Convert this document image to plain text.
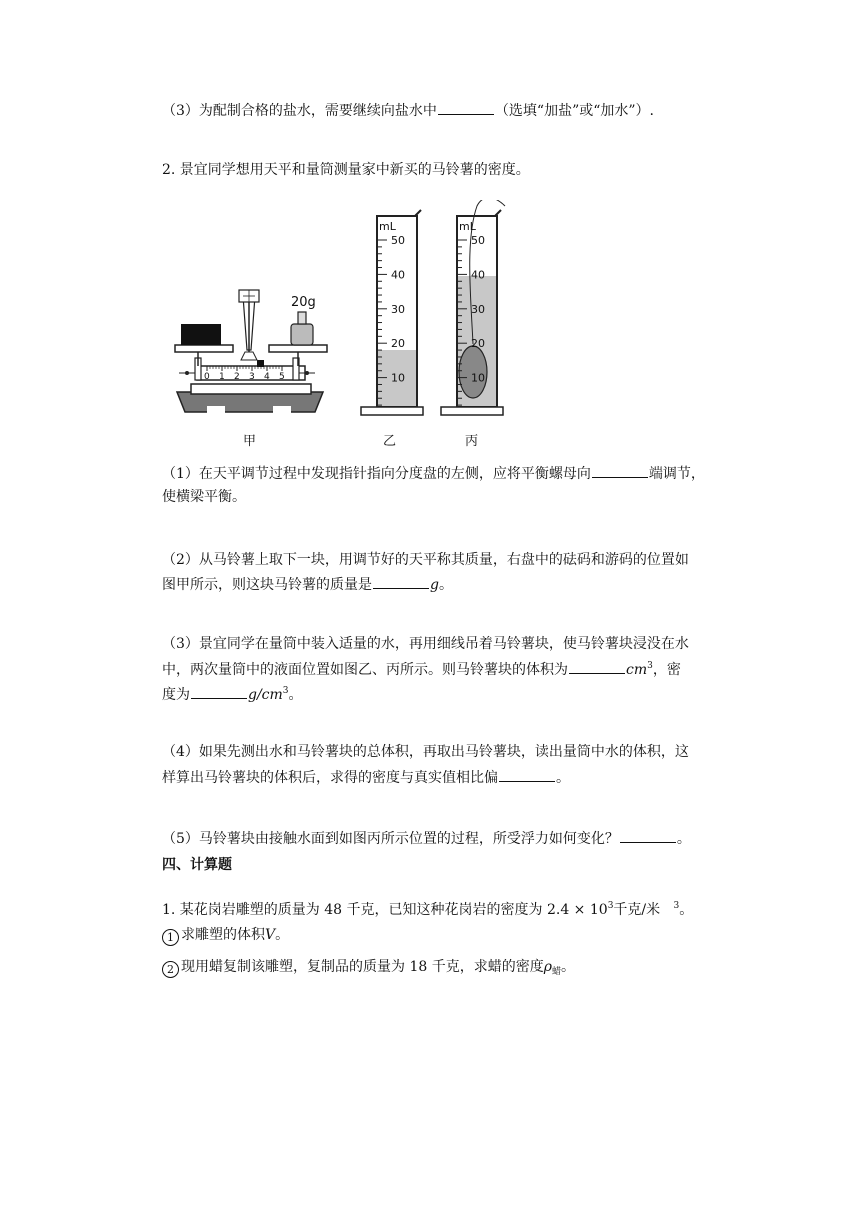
（3）为配制合格的盐水，需要继续向盐水中	（选填“加盐”或“加水”）.
2. 景宜同学想用天平和量筒测量家中新买的马铃薯的密度。
0 1 2 3 4 5
20g
甲
mL
50
40
30
20
10
乙
mL
50
40
30
20
10
丙
（1）在天平调节过程中发现指针指向分度盘的左侧，应将平衡螺母向	端调节，
使横梁平衡。
（2）从马铃薯上取下一块，用调节好的天平称其质量，右盘中的砝码和游码的位置如
图甲所示，则这块马铃薯的质量是	g。
（3）景宜同学在量筒中装入适量的水，再用细线吊着马铃薯块，使马铃薯块浸没在水
中，两次量筒中的液面位置如图乙、丙所示。则马铃薯块的体积为	$cm^3$，密
度为	$g/cm^3$。
（4）如果先测出水和马铃薯块的总体积，再取出马铃薯块，读出量筒中水的体积，这
样算出马铃薯块的体积后，求得的密度与真实值相比偏	。
（5）马铃薯块由接触水面到如图丙所示位置的过程，所受浮力如何变化？	。
四、计算题
1. 某花岗岩雕塑的质量为 48 千克，已知这种花岗岩的密度为 $2.4 \times 10^3$千克/米 $^3$。
1 求雕塑的体积V。
2 现用蜡复制该雕塑，复制品的质量为 18 千克，求蜡的密度$\rho_蜡$。
